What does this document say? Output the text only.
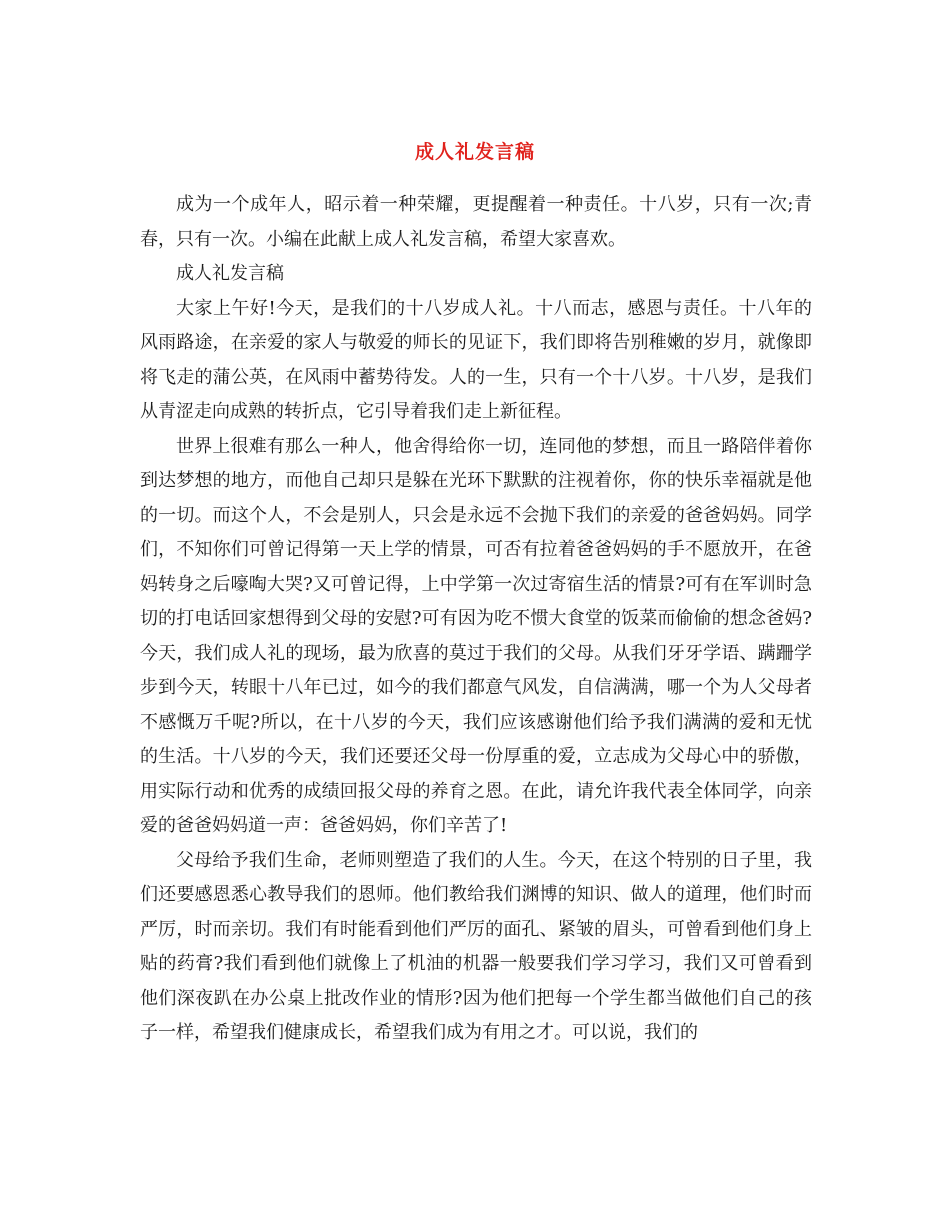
成人礼发言稿

成为一个成年人，昭示着一种荣耀，更提醒着一种责任。十八岁，只有一次;青春，只有一次。小编在此献上成人礼发言稿，希望大家喜欢。

成人礼发言稿

大家上午好!今天，是我们的十八岁成人礼。十八而志，感恩与责任。十八年的风雨路途，在亲爱的家人与敬爱的师长的见证下，我们即将告别稚嫩的岁月，就像即将飞走的蒲公英，在风雨中蓄势待发。人的一生，只有一个十八岁。十八岁，是我们从青涩走向成熟的转折点，它引导着我们走上新征程。

世界上很难有那么一种人，他舍得给你一切，连同他的梦想，而且一路陪伴着你到达梦想的地方，而他自己却只是躲在光环下默默的注视着你，你的快乐幸福就是他的一切。而这个人，不会是别人，只会是永远不会抛下我们的亲爱的爸爸妈妈。同学们，不知你们可曾记得第一天上学的情景，可否有拉着爸爸妈妈的手不愿放开，在爸妈转身之后嚎啕大哭?又可曾记得，上中学第一次过寄宿生活的情景?可有在军训时急切的打电话回家想得到父母的安慰?可有因为吃不惯大食堂的饭菜而偷偷的想念爸妈?今天，我们成人礼的现场，最为欣喜的莫过于我们的父母。从我们牙牙学语、蹒跚学步到今天，转眼十八年已过，如今的我们都意气风发，自信满满，哪一个为人父母者不感慨万千呢?所以，在十八岁的今天，我们应该感谢他们给予我们满满的爱和无忧的生活。十八岁的今天，我们还要还父母一份厚重的爱，立志成为父母心中的骄傲，用实际行动和优秀的成绩回报父母的养育之恩。在此，请允许我代表全体同学，向亲爱的爸爸妈妈道一声：爸爸妈妈，你们辛苦了!

父母给予我们生命，老师则塑造了我们的人生。今天，在这个特别的日子里，我们还要感恩悉心教导我们的恩师。他们教给我们渊博的知识、做人的道理，他们时而严厉，时而亲切。我们有时能看到他们严厉的面孔、紧皱的眉头，可曾看到他们身上贴的药膏?我们看到他们就像上了机油的机器一般要我们学习学习，我们又可曾看到他们深夜趴在办公桌上批改作业的情形?因为他们把每一个学生都当做他们自己的孩子一样，希望我们健康成长，希望我们成为有用之才。可以说，我们的
